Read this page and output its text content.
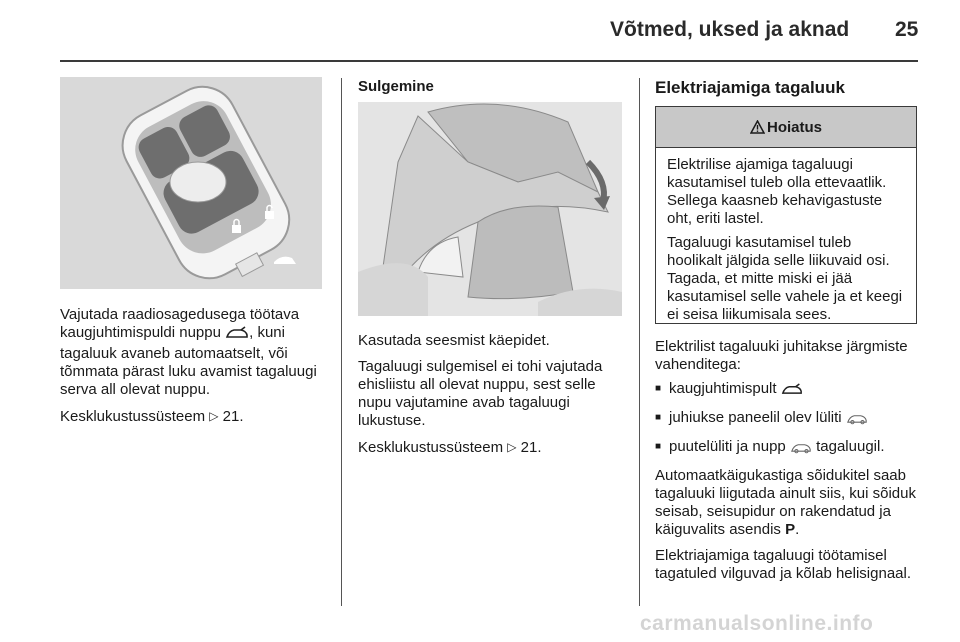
Võtmed, uksed ja aknad 25

Vajutada raadiosagedusega töötava kaugjuhtimispuldi nuppu , kuni tagaluuk avaneb automaatselt, või tõmmata pärast luku avamist tagaluugi serva all olevat nuppu.

Kesklukustussüsteem ▷ 21.

Sulgemine

Kasutada seesmist käepidet.

Tagaluugi sulgemisel ei tohi vajutada ehisliistu all olevat nuppu, sest selle nupu vajutamine avab tagaluugi lukustuse.

Kesklukustussüsteem ▷ 21.

Elektriajamiga tagaluuk
Hoiatus

Elektrilise ajamiga tagaluugi kasutamisel tuleb olla ettevaatlik. Sellega kaasneb kehavigastuste oht, eriti lastel.

Tagaluugi kasutamisel tuleb hoolikalt jälgida selle liikuvaid osi. Tagada, et mitte miski ei jää kasutamisel selle vahele ja et keegi ei seisa liikumisala sees.

Elektrilist tagaluuki juhitakse järgmiste vahenditega:

■ kaugjuhtimispult
■ juhiukse paneelil olev lüliti
■ puutelüliti ja nupp tagaluugil.

Automaatkäigukastiga sõidukitel saab tagaluuki liigutada ainult siis, kui sõiduk seisab, seisupidur on rakendatud ja käiguvalits asendis P.

Elektriajamiga tagaluugi töötamisel tagatuled vilguvad ja kõlab helisignaal.

carmanualsonline.info
